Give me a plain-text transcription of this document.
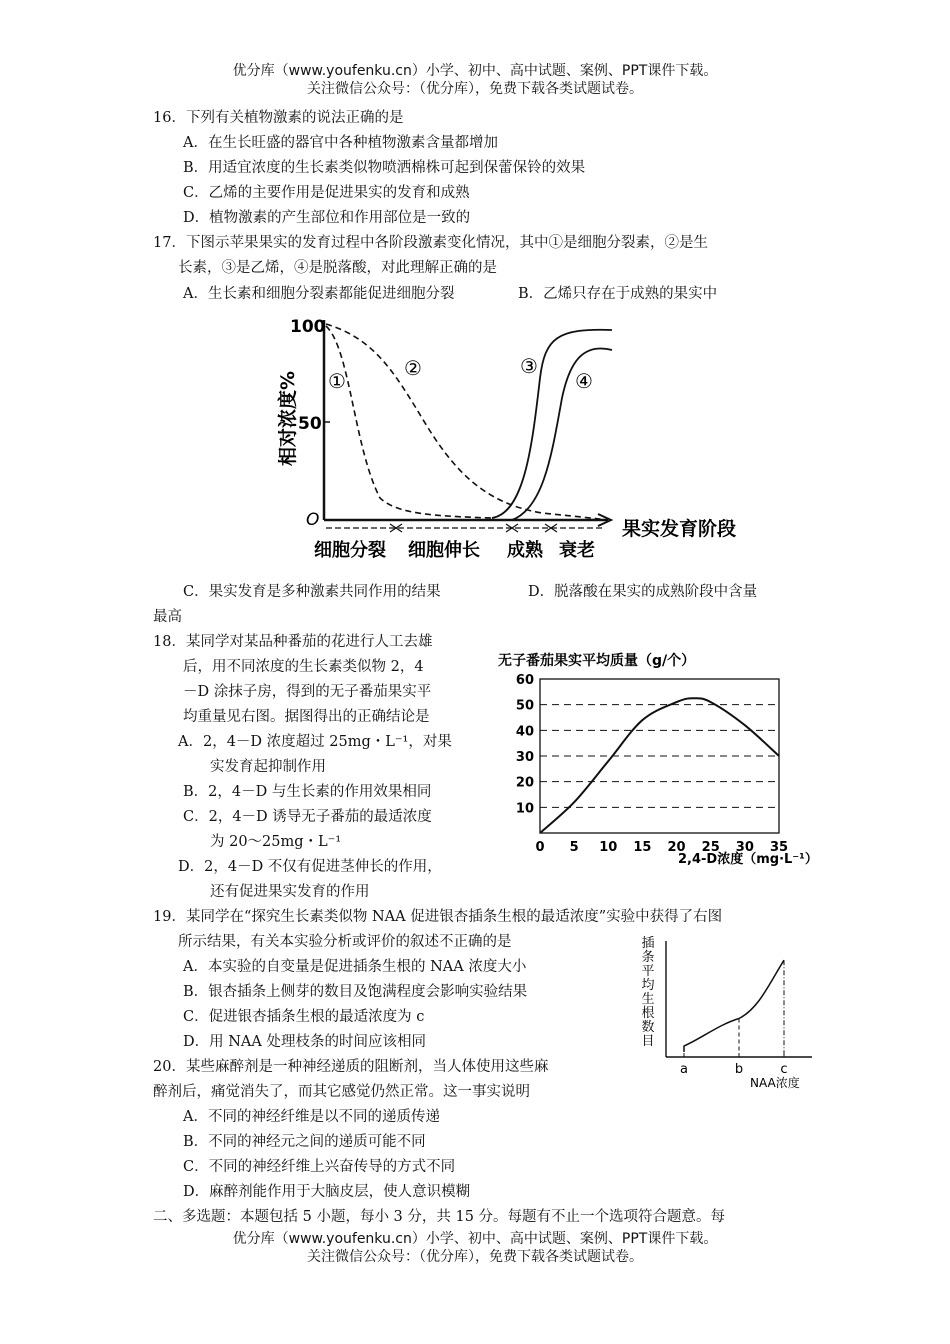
优分库（www.youfenku.cn）小学、初中、高中试题、案例、PPT课件下载。
关注微信公众号：（优分库），免费下载各类试题试卷。
16．下列有关植物激素的说法正确的是
A．在生长旺盛的器官中各种植物激素含量都增加
B．用适宜浓度的生长素类似物喷洒棉株可起到保蕾保铃的效果
C．乙烯的主要作用是促进果实的发育和成熟
D．植物激素的产生部位和作用部位是一致的
17．下图示苹果果实的发育过程中各阶段激素变化情况，其中①是细胞分裂素，②是生
长素，③是乙烯，④是脱落酸，对此理解正确的是
A．生长素和细胞分裂素都能促进细胞分裂	B．乙烯只存在于成熟的果实中
100
50
O
相对浓度%
果实发育阶段
细胞分裂 细胞伸长 成熟 衰老
①
②	③
④
C．果实发育是多种激素共同作用的结果	D．脱落酸在果实的成熟阶段中含量
最高
18．某同学对某品种番茄的花进行人工去雄
后，用不同浓度的生长素类似物 2，4
－D 涂抹子房，得到的无子番茄果实平
均重量见右图。据图得出的正确结论是
A．2，4－D 浓度超过 25mg・L⁻¹，对果
实发育起抑制作用
B．2，4－D 与生长素的作用效果相同
C．2，4－D 诱导无子番茄的最适浓度
为 20～25mg・L⁻¹
D．2，4－D 不仅有促进茎伸长的作用，
还有促进果实发育的作用
无子番茄果实平均质量（g/个）
10
20
30
40
50
60
0 5 10 15 20 25 30 35
2,4-D浓度（mg·L⁻¹）
19．某同学在“探究生长素类似物 NAA 促进银杏插条生根的最适浓度”实验中获得了右图
所示结果，有关本实验分析或评价的叙述不正确的是
A．本实验的自变量是促进插条生根的 NAA 浓度大小
B．银杏插条上侧芽的数目及饱满程度会影响实验结果
C．促进银杏插条生根的最适浓度为 c
D．用 NAA 处理枝条的时间应该相同
插条平均生根数目
a	b	c
NAA浓度
20．某些麻醉剂是一种神经递质的阻断剂，当人体使用这些麻
醉剂后，痛觉消失了，而其它感觉仍然正常。这一事实说明
A．不同的神经纤维是以不同的递质传递
B．不同的神经元之间的递质可能不同
C．不同的神经纤维上兴奋传导的方式不同
D．麻醉剂能作用于大脑皮层，使人意识模糊
二、多选题：本题包括 5 小题，每小 3 分，共 15 分。每题有不止一个选项符合题意。每
优分库（www.youfenku.cn）小学、初中、高中试题、案例、PPT课件下载。
关注微信公众号：（优分库），免费下载各类试题试卷。
